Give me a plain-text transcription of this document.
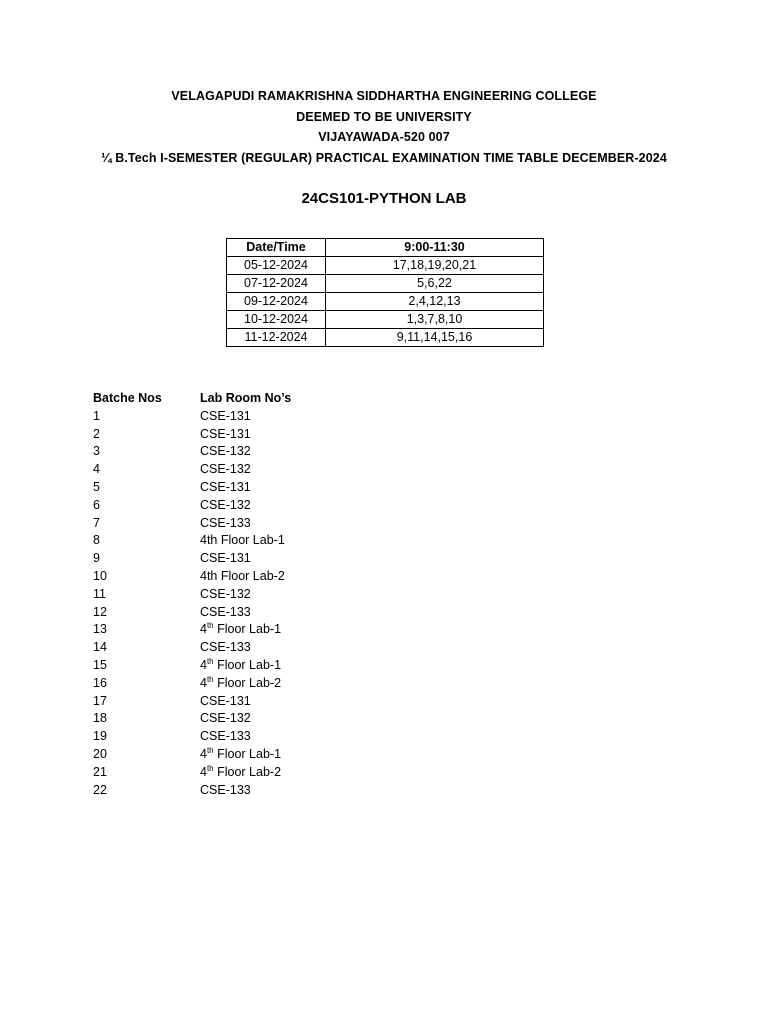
VELAGAPUDI RAMAKRISHNA SIDDHARTHA ENGINEERING COLLEGE
DEEMED TO BE UNIVERSITY
VIJAYAWADA-520 007
¼ B.Tech I-SEMESTER (REGULAR) PRACTICAL EXAMINATION TIME TABLE DECEMBER-2024
24CS101-PYTHON LAB
Date/Time	9:00-11:30
05-12-2024	17,18,19,20,21
07-12-2024	5,6,22
09-12-2024	2,4,12,13
10-12-2024	1,3,7,8,10
11-12-2024	9,11,14,15,16
Batche Nos	Lab Room No’s
1	CSE-131
2	CSE-131
3	CSE-132
4	CSE-132
5	CSE-131
6	CSE-132
7	CSE-133
8	4th Floor Lab-1
9	CSE-131
10	4th Floor Lab-2
11	CSE-132
12	CSE-133
13	4th Floor Lab-1
14	CSE-133
15	4th Floor Lab-1
16	4th Floor Lab-2
17	CSE-131
18	CSE-132
19	CSE-133
20	4th Floor Lab-1
21	4th Floor Lab-2
22	CSE-133
